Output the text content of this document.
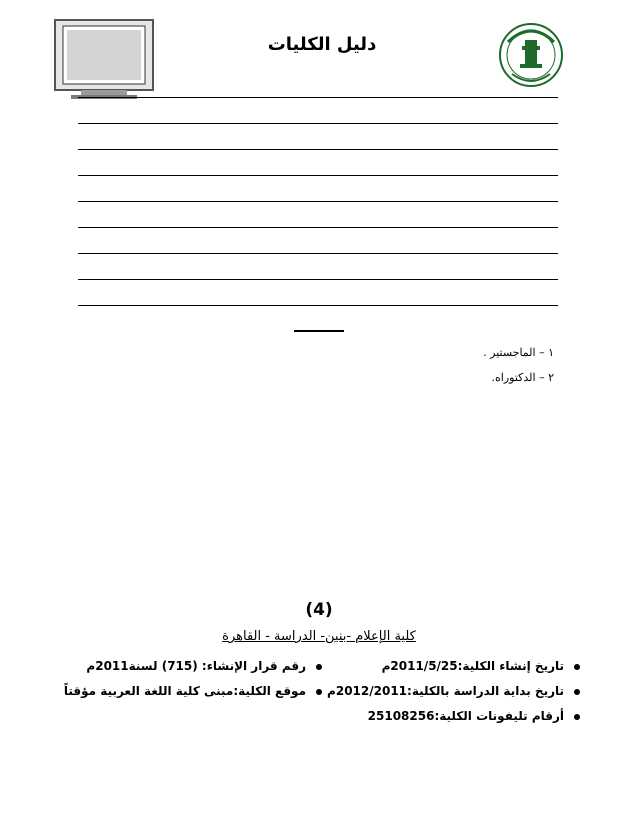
دليل الكليات
١ – الماجستير .
٢ – الدكتوراه.
(4)
كلية الإعلام -بنين- الدراسة - القاهرة
تاريخ إنشاء الكلية:2011/5/25م
رقم قرار الإنشاء: (715) لسنة2011م
تاريخ بداية الدراسة بالكلية:2012/2011م
موقع الكلية:مبنى كلية اللغة العربية مؤقتاً
أرقام تليفونات الكلية:25108256
